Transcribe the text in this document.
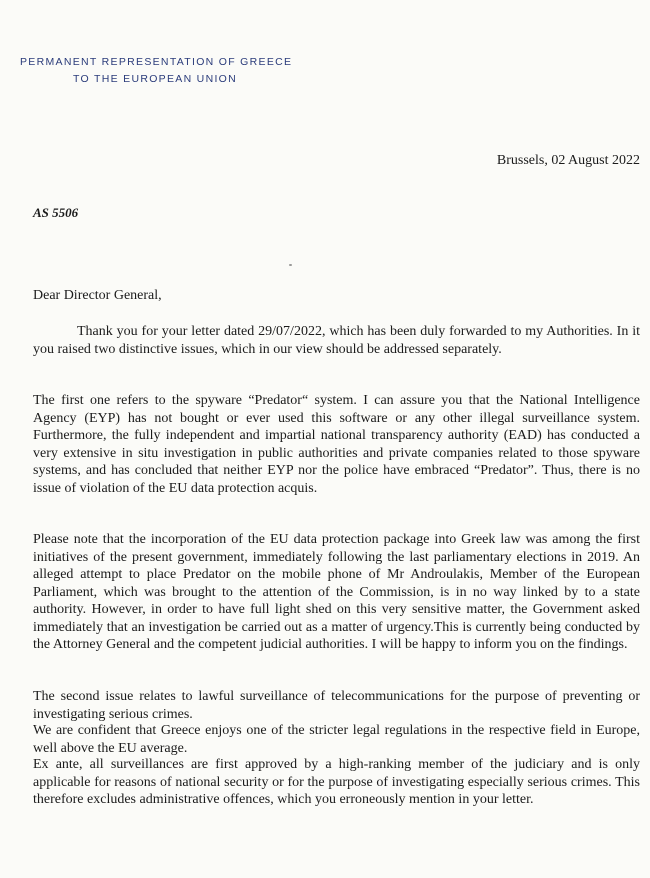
PERMANENT REPRESENTATION OF GREECE
TO THE EUROPEAN UNION
Brussels, 02 August 2022
AS 5506
Dear Director General,

Thank you for your letter dated 29/07/2022, which has been duly forwarded to my Authorities. In it you raised two distinctive issues, which in our view should be addressed separately.

The first one refers to the spyware “Predator“ system. I can assure you that the National Intelligence Agency (EYP) has not bought or ever used this software or any other illegal surveillance system. Furthermore, the fully independent and impartial national transparency authority (EAD) has conducted a very extensive in situ investigation in public authorities and private companies related to those spyware systems, and has concluded that neither EYP nor the police have embraced “Predator”. Thus, there is no issue of violation of the EU data protection acquis.

Please note that the incorporation of the EU data protection package into Greek law was among the first initiatives of the present government, immediately following the last parliamentary elections in 2019. An alleged attempt to place Predator on the mobile phone of Mr Androulakis, Member of the European Parliament, which was brought to the attention of the Commission, is in no way linked by to a state authority. However, in order to have full light shed on this very sensitive matter, the Government asked immediately that an investigation be carried out as a matter of urgency.This is currently being conducted by the Attorney General and the competent judicial authorities. I will be happy to inform you on the findings.

The second issue relates to lawful surveillance of telecommunications for the purpose of preventing or investigating serious crimes.

We are confident that Greece enjoys one of the stricter legal regulations in the respective field in Europe, well above the EU average.

Ex ante, all surveillances are first approved by a high-ranking member of the judiciary and is only applicable for reasons of national security or for the purpose of investigating especially serious crimes. This therefore excludes administrative offences, which you erroneously mention in your letter.
